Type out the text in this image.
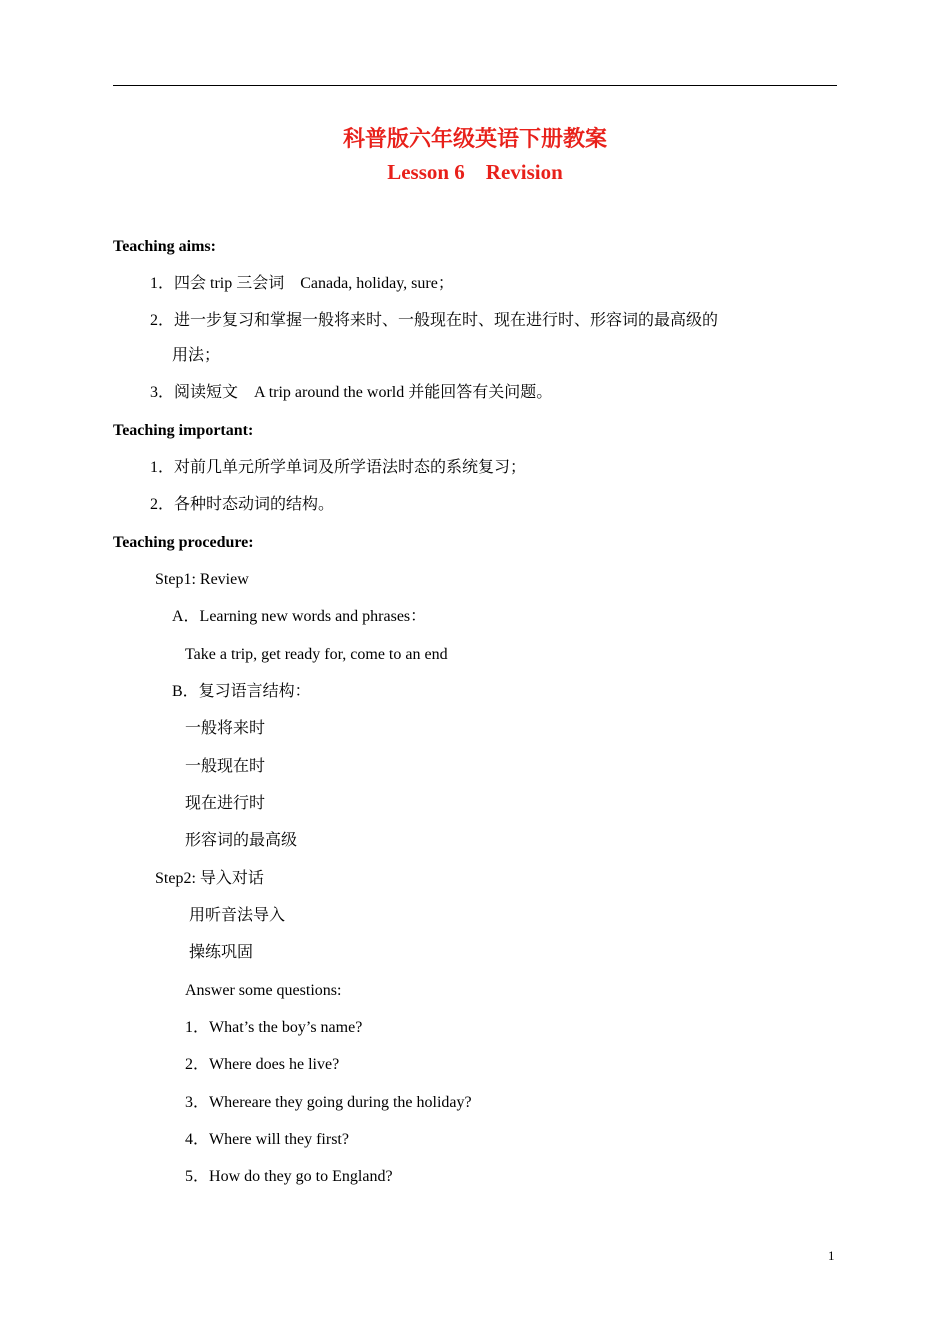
科普版六年级英语下册教案
Lesson 6 Revision
Teaching aims:
1．四会 trip 三会词　Canada, holiday, sure；
2．进一步复习和掌握一般将来时、一般现在时、现在进行时、形容词的最高级的
用法；
3．阅读短文　A trip around the world 并能回答有关问题。
Teaching important:
1．对前几单元所学单词及所学语法时态的系统复习；
2．各种时态动词的结构。
Teaching procedure:
Step1: Review
A．Learning new words and phrases：
Take a trip, get ready for, come to an end
B．复习语言结构：
一般将来时
一般现在时
现在进行时
形容词的最高级
Step2: 导入对话
用听音法导入
操练巩固
Answer some questions:
1．What’s the boy’s name?
2．Where does he live?
3．Whereare they going during the holiday?
4．Where will they first?
5．How do they go to England?
1
